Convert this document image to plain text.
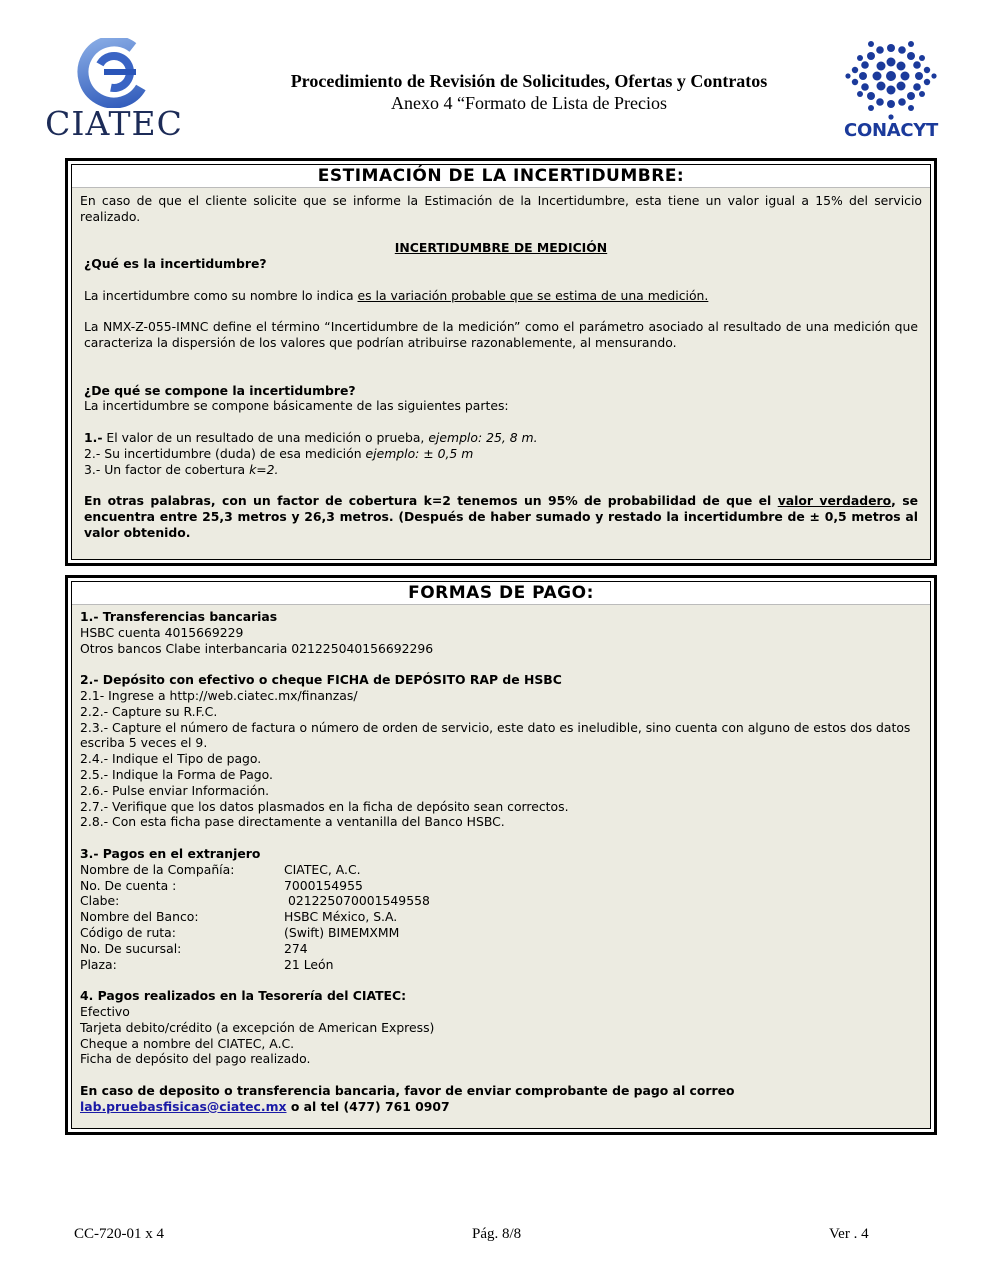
CIATEC
Procedimiento de Revisión de Solicitudes, Ofertas y Contratos
Anexo 4 “Formato de Lista de Precios
CONACYT
ESTIMACIÓN DE LA INCERTIDUMBRE:
En caso de que el cliente solicite que se informe la Estimación de la Incertidumbre, esta tiene un valor igual a 15% del servicio realizado.
INCERTIDUMBRE DE MEDICIÓN
¿Qué es la incertidumbre?
La incertidumbre como su nombre lo indica es la variación probable que se estima de una medición.
La NMX-Z-055-IMNC define el término “Incertidumbre de la medición” como el parámetro asociado al resultado de una medición que caracteriza la dispersión de los valores que podrían atribuirse razonablemente, al mensurando.
¿De qué se compone la incertidumbre?
La incertidumbre se compone básicamente de las siguientes partes:
1.- El valor de un resultado de una medición o prueba, ejemplo: 25, 8 m.
2.- Su incertidumbre (duda) de esa medición ejemplo: ± 0,5 m
3.- Un factor de cobertura k=2.
En otras palabras, con un factor de cobertura k=2 tenemos un 95% de probabilidad de que el valor verdadero, se encuentra entre 25,3 metros y 26,3 metros. (Después de haber sumado y restado la incertidumbre de ± 0,5 metros al valor obtenido.
FORMAS DE PAGO:
1.- Transferencias bancarias
HSBC cuenta 4015669229
Otros bancos Clabe interbancaria 021225040156692296
2.- Depósito con efectivo o cheque FICHA de DEPÓSITO RAP de HSBC
2.1- Ingrese a http://web.ciatec.mx/finanzas/
2.2.- Capture su R.F.C.
2.3.- Capture el número de factura o número de orden de servicio, este dato es ineludible, sino cuenta con alguno de estos dos datos escriba 5 veces el 9.
2.4.- Indique el Tipo de pago.
2.5.- Indique la Forma de Pago.
2.6.- Pulse enviar Información.
2.7.- Verifique que los datos plasmados en la ficha de depósito sean correctos.
2.8.- Con esta ficha pase directamente a ventanilla del Banco HSBC.
3.- Pagos en el extranjero
Nombre de la Compañía:	CIATEC, A.C.
No. De cuenta :	7000154955
Clabe:	021225070001549558
Nombre del Banco:	HSBC México, S.A.
Código de ruta:	(Swift) BIMEMXMM
No. De sucursal:	274
Plaza:	21 León
4. Pagos realizados en la Tesorería del CIATEC:
Efectivo
Tarjeta debito/crédito (a excepción de American Express)
Cheque a nombre del CIATEC, A.C.
Ficha de depósito del pago realizado.
En caso de deposito o transferencia bancaria, favor de enviar comprobante de pago al correo
lab.pruebasfisicas@ciatec.mx o al tel (477) 761 0907
CC-720-01 x 4	Pág. 8/8	Ver . 4
